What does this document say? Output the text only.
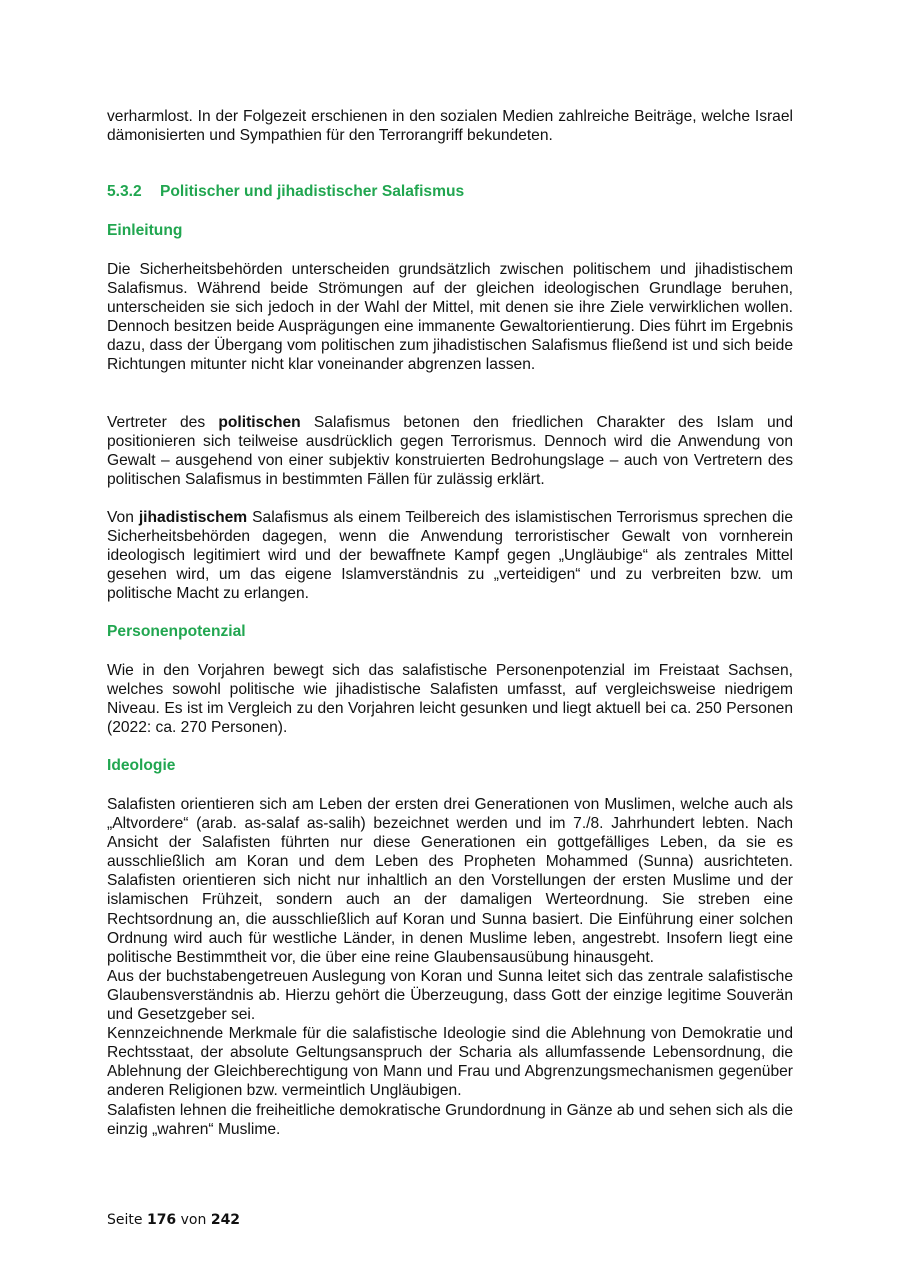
verharmlost. In der Folgezeit erschienen in den sozialen Medien zahlreiche Beiträge, welche Israel dämonisierten und Sympathien für den Terrorangriff bekundeten.

5.3.2 Politischer und jihadistischer Salafismus
Einleitung

Die Sicherheitsbehörden unterscheiden grundsätzlich zwischen politischem und jihadistischem Salafismus. Während beide Strömungen auf der gleichen ideologischen Grundlage beruhen, unterscheiden sie sich jedoch in der Wahl der Mittel, mit denen sie ihre Ziele verwirklichen wollen. Dennoch besitzen beide Ausprägungen eine immanente Gewaltorientierung. Dies führt im Ergebnis dazu, dass der Übergang vom politischen zum jihadistischen Salafismus fließend ist und sich beide Richtungen mitunter nicht klar voneinander abgrenzen lassen.

Vertreter des politischen Salafismus betonen den friedlichen Charakter des Islam und positionieren sich teilweise ausdrücklich gegen Terrorismus. Dennoch wird die Anwendung von Gewalt – ausgehend von einer subjektiv konstruierten Bedrohungslage – auch von Vertretern des politischen Salafismus in bestimmten Fällen für zulässig erklärt.

Von jihadistischem Salafismus als einem Teilbereich des islamistischen Terrorismus sprechen die Sicherheitsbehörden dagegen, wenn die Anwendung terroristischer Gewalt von vornherein ideologisch legitimiert wird und der bewaffnete Kampf gegen „Ungläubige“ als zentrales Mittel gesehen wird, um das eigene Islamverständnis zu „verteidigen“ und zu verbreiten bzw. um politische Macht zu erlangen.

Personenpotenzial

Wie in den Vorjahren bewegt sich das salafistische Personenpotenzial im Freistaat Sachsen, welches sowohl politische wie jihadistische Salafisten umfasst, auf vergleichsweise niedrigem Niveau. Es ist im Vergleich zu den Vorjahren leicht gesunken und liegt aktuell bei ca. 250 Personen (2022: ca. 270 Personen).

Ideologie

Salafisten orientieren sich am Leben der ersten drei Generationen von Muslimen, welche auch als „Altvordere“ (arab. as-salaf as-salih) bezeichnet werden und im 7./8. Jahrhundert lebten. Nach Ansicht der Salafisten führten nur diese Generationen ein gottgefälliges Leben, da sie es ausschließlich am Koran und dem Leben des Propheten Mohammed (Sunna) ausrichteten. Salafisten orientieren sich nicht nur inhaltlich an den Vorstellungen der ersten Muslime und der islamischen Frühzeit, sondern auch an der damaligen Werteordnung. Sie streben eine Rechtsordnung an, die ausschließlich auf Koran und Sunna basiert. Die Einführung einer solchen Ordnung wird auch für westliche Länder, in denen Muslime leben, angestrebt. Insofern liegt eine politische Bestimmtheit vor, die über eine reine Glaubensausübung hinausgeht.

Aus der buchstabengetreuen Auslegung von Koran und Sunna leitet sich das zentrale salafistische Glaubensverständnis ab. Hierzu gehört die Überzeugung, dass Gott der einzige legitime Souverän und Gesetzgeber sei.

Kennzeichnende Merkmale für die salafistische Ideologie sind die Ablehnung von Demokratie und Rechtsstaat, der absolute Geltungsanspruch der Scharia als allumfassende Lebensordnung, die Ablehnung der Gleichberechtigung von Mann und Frau und Abgrenzungsmechanismen gegenüber anderen Religionen bzw. vermeintlich Ungläubigen.

Salafisten lehnen die freiheitliche demokratische Grundordnung in Gänze ab und sehen sich als die einzig „wahren“ Muslime.

Seite 176 von 242
